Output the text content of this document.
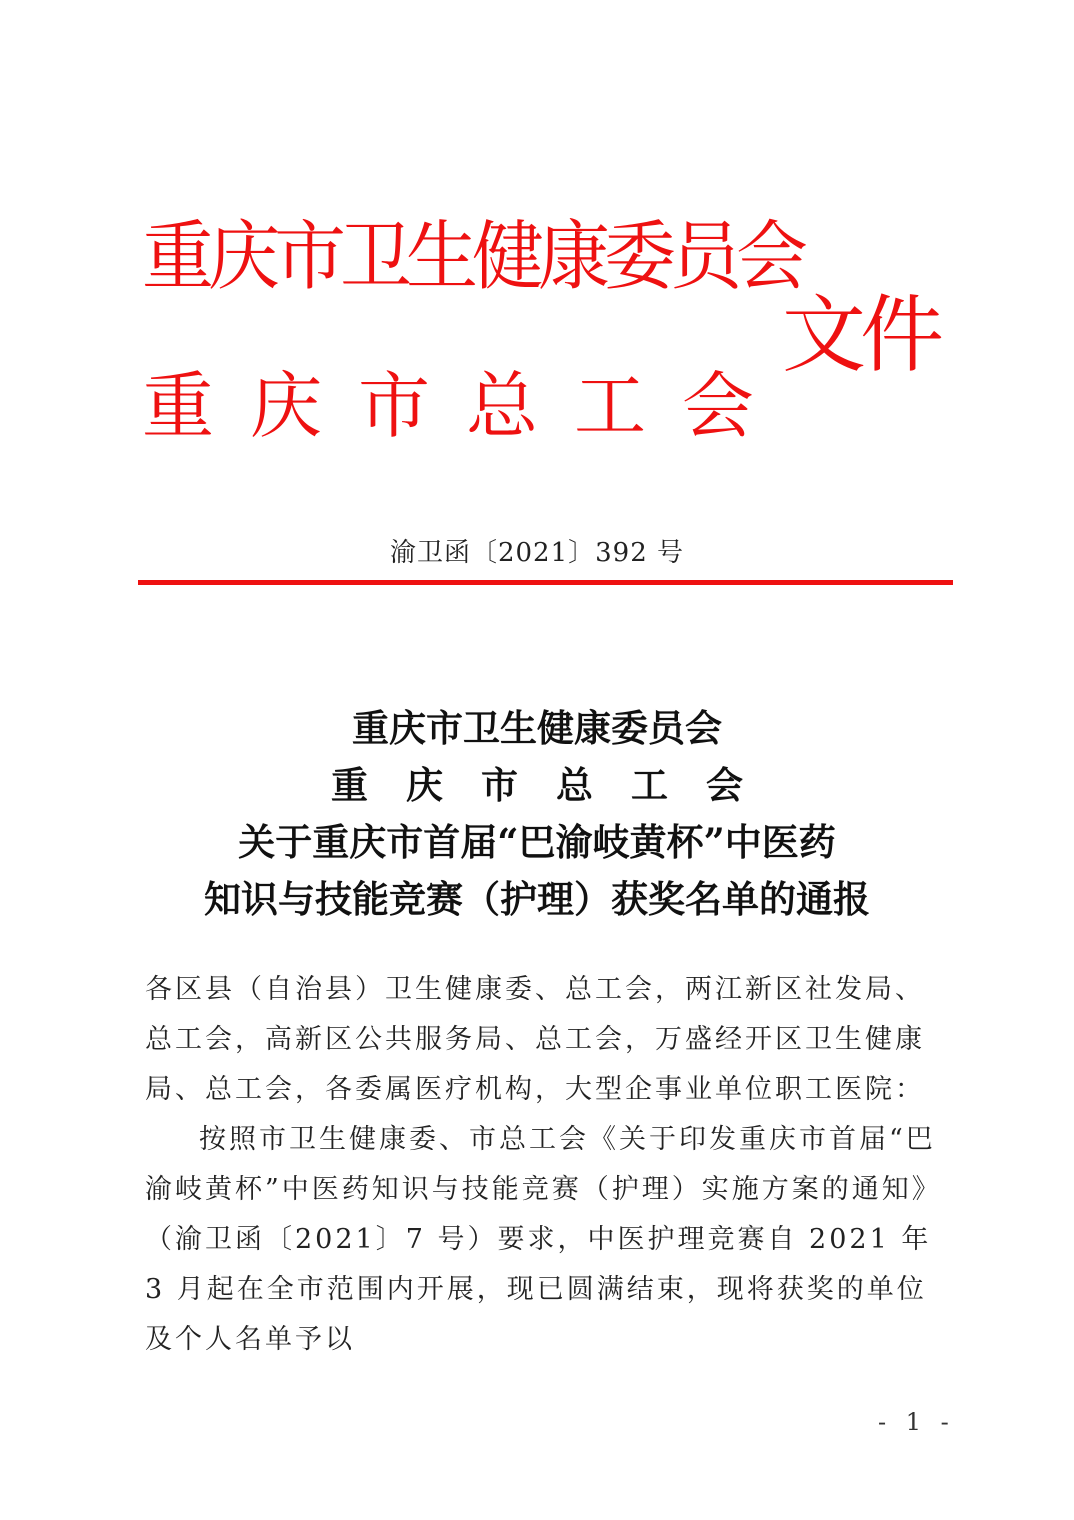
重庆市卫生健康委员会
重 庆 市 总 工 会
文件
渝卫函〔2021〕392 号
重庆市卫生健康委员会
重 庆 市 总 工 会
关于重庆市首届“巴渝岐黄杯”中医药
知识与技能竞赛（护理）获奖名单的通报
各区县（自治县）卫生健康委、总工会，两江新区社发局、总工会，高新区公共服务局、总工会，万盛经开区卫生健康局、总工会，各委属医疗机构，大型企事业单位职工医院：
按照市卫生健康委、市总工会《关于印发重庆市首届“巴渝岐黄杯”中医药知识与技能竞赛（护理）实施方案的通知》（渝卫函〔2021〕7 号）要求，中医护理竞赛自 2021 年 3 月起在全市范围内开展，现已圆满结束，现将获奖的单位及个人名单予以
- 1 -
